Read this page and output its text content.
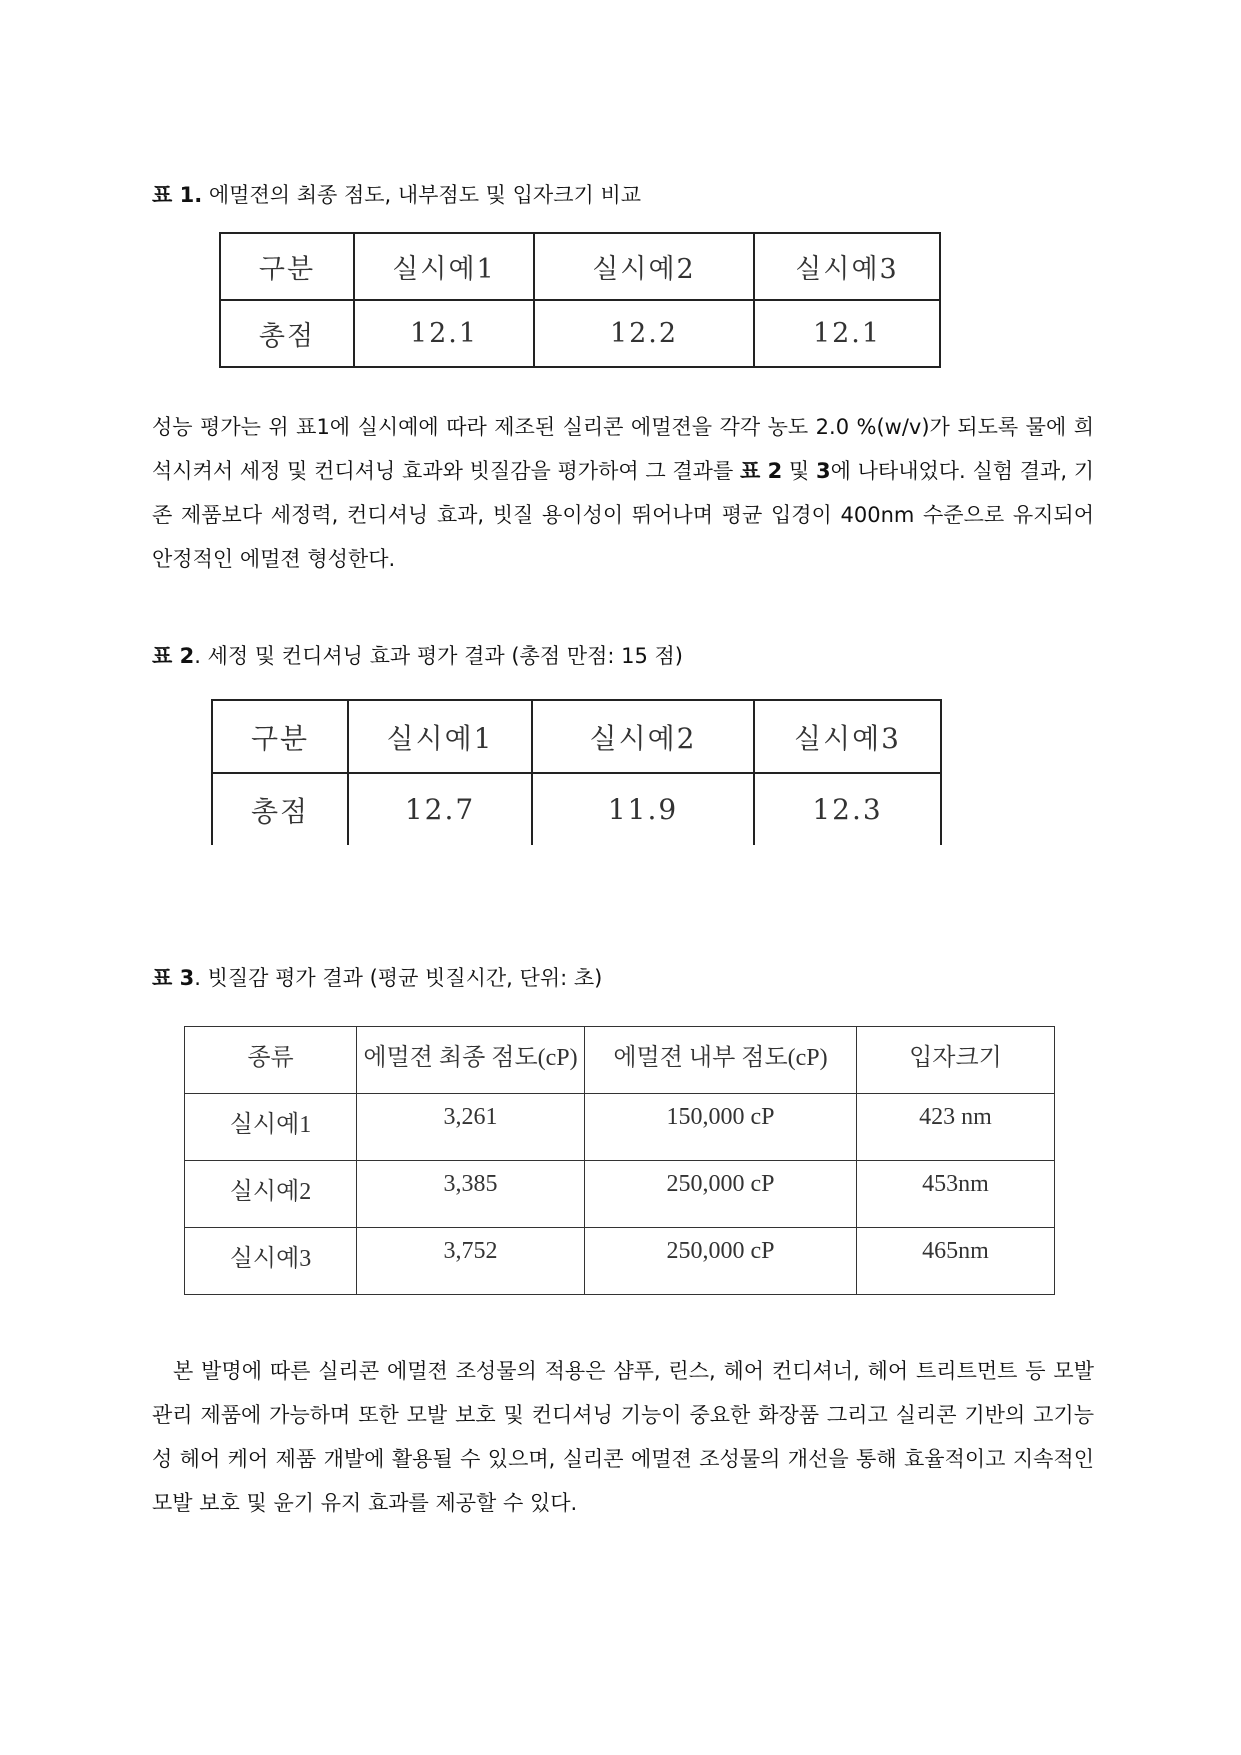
표 1. 에멀젼의 최종 점도, 내부점도 및 입자크기 비교
구분	실시예1	실시예2	실시예3
총점	12.1	12.2	12.1
성능 평가는 위 표1에 실시예에 따라 제조된 실리콘 에멀젼을 각각 농도 2.0 %(w/v)가 되도록 물에 희석시켜서 세정 및 컨디셔닝 효과와 빗질감을 평가하여 그 결과를 표 2 및 3에 나타내었다. 실험 결과, 기존 제품보다 세정력, 컨디셔닝 효과, 빗질 용이성이 뛰어나며 평균 입경이 400nm 수준으로 유지되어 안정적인 에멀젼 형성한다.
표 2. 세정 및 컨디셔닝 효과 평가 결과 (총점 만점: 15 점)
구분	실시예1	실시예2	실시예3
총점	12.7	11.9	12.3
표 3. 빗질감 평가 결과 (평균 빗질시간, 단위: 초)
종류	에멀젼 최종 점도(cP)	에멀젼 내부 점도(cP)	입자크기
실시예1	3,261	150,000 cP	423 nm
실시예2	3,385	250,000 cP	453nm
실시예3	3,752	250,000 cP	465nm
본 발명에 따른 실리콘 에멀젼 조성물의 적용은 샴푸, 린스, 헤어 컨디셔너, 헤어 트리트먼트 등 모발 관리 제품에 가능하며 또한 모발 보호 및 컨디셔닝 기능이 중요한 화장품 그리고 실리콘 기반의 고기능성 헤어 케어 제품 개발에 활용될 수 있으며, 실리콘 에멀젼 조성물의 개선을 통해 효율적이고 지속적인 모발 보호 및 윤기 유지 효과를 제공할 수 있다.
